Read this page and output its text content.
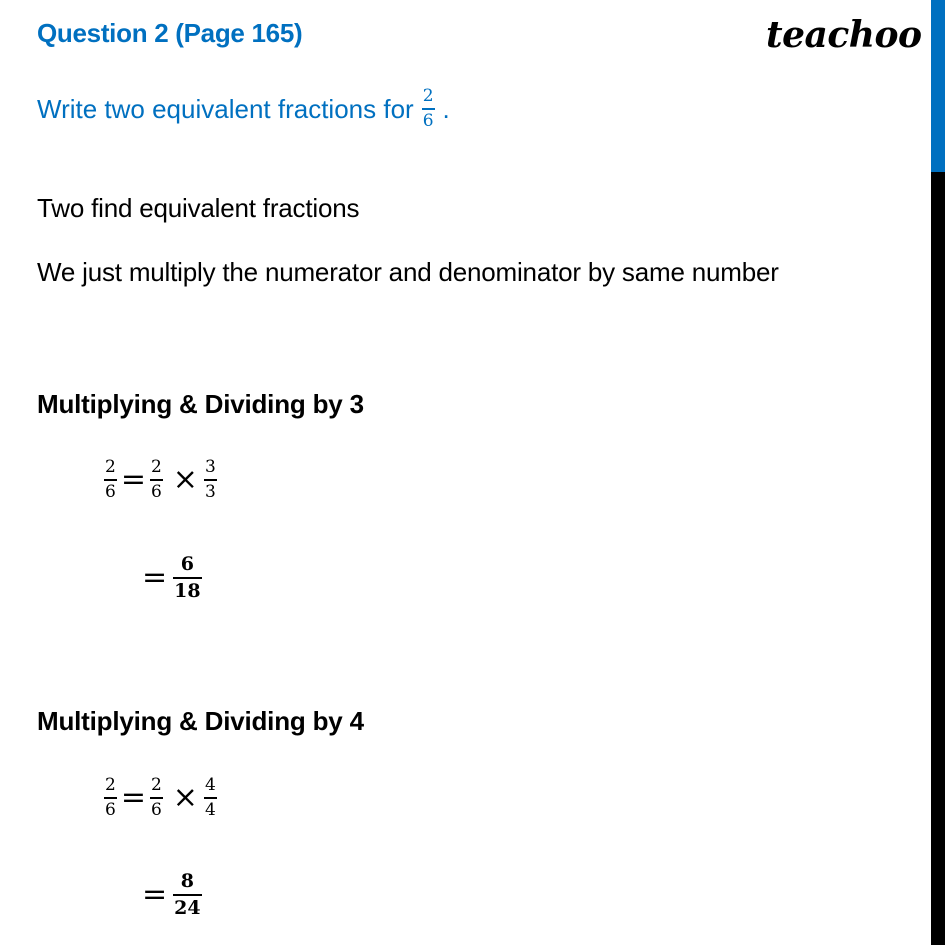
Question 2 (Page 165)	teachoo
Write two equivalent fractions for $\frac{2}{6}$ .
Two find equivalent fractions
We just multiply the numerator and denominator by same number
Multiplying & Dividing by 3
$\frac{2}{6} = \frac{2}{6} \times \frac{3}{3}$
= $\frac{6}{18}$
Multiplying & Dividing by 4
$\frac{2}{6} = \frac{2}{6} \times \frac{4}{4}$
= $\frac{8}{24}$
